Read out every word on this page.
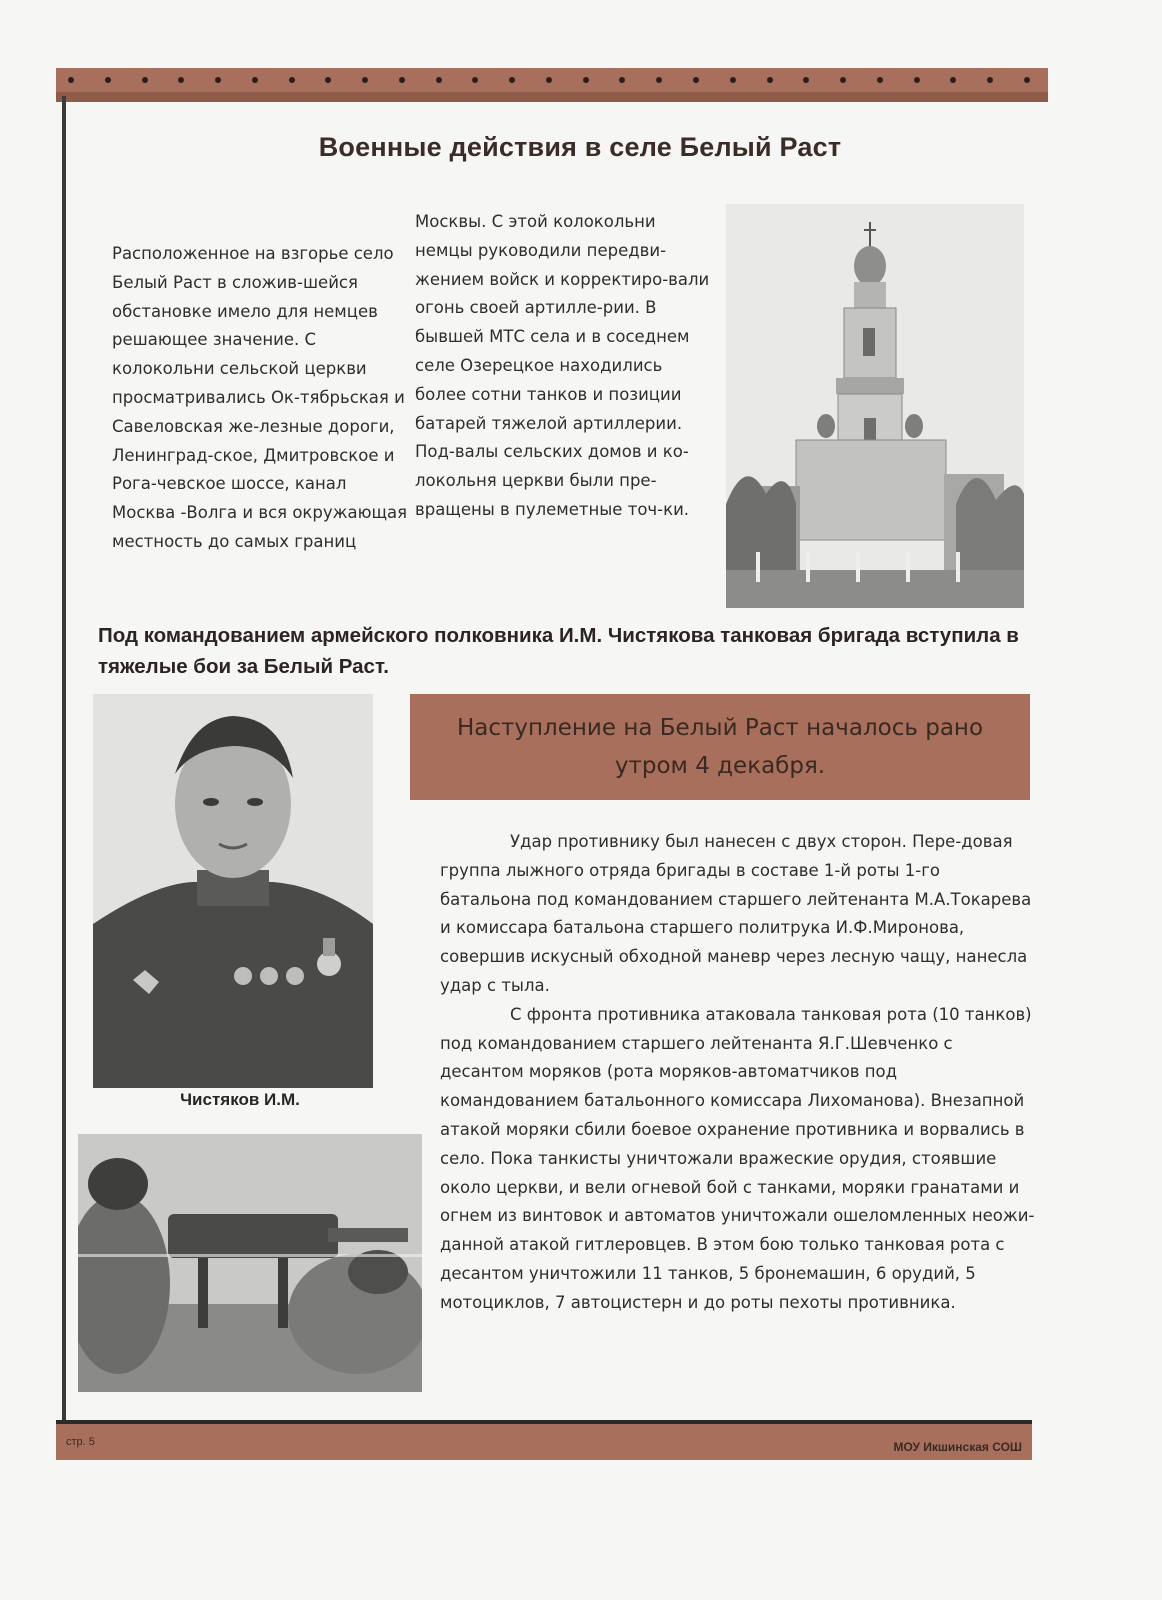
Военные действия в селе Белый Раст

Расположенное на взгорье село Белый Раст в сложив-шейся обстановке имело для немцев решающее значение. С колокольни сельской церкви просматривались Ок-тябрьская и Савеловская же-лезные дороги, Ленинград-ское, Дмитровское и Рога-чевское шоссе, канал Москва -Волга и вся окружающая местность до самых границ

Москвы. С этой колокольни немцы руководили передви-жением войск и корректиро-вали огонь своей артилле-рии. В бывшей МТС села и в соседнем селе Озерецкое находились более сотни танков и позиции батарей тяжелой артиллерии. Под-валы сельских домов и ко-локольня церкви были пре-вращены в пулеметные точ-ки.

Под командованием армейского полковника И.М. Чистякова танковая бригада вступила в тяжелые бои за Белый Раст.
Чистяков И.М.
Наступление на Белый Раст началось рано утром 4 декабря.

Удар противнику был нанесен с двух сторон. Пере-довая группа лыжного отряда бригады в составе 1-й роты 1-го батальона под командованием старшего лейтенанта М.А.Токарева и комиссара батальона старшего политрука И.Ф.Миронова, совершив искусный обходной маневр через лесную чащу, нанесла удар с тыла.

С фронта противника атаковала танковая рота (10 танков) под командованием старшего лейтенанта Я.Г.Шевченко с десантом моряков (рота моряков-автоматчиков под командованием батальонного комиссара Лихоманова). Внезапной атакой моряки сбили боевое охранение противника и ворвались в село. Пока танкисты уничтожали вражеские орудия, стоявшие около церкви, и вели огневой бой с танками, моряки гранатами и огнем из винтовок и автоматов уничтожали ошеломленных неожи-данной атакой гитлеровцев. В этом бою только танковая рота с десантом уничтожили 11 танков, 5 бронемашин, 6 орудий, 5 мотоциклов, 7 автоцистерн и до роты пехоты противника.

стр. 5	МОУ Икшинская СОШ
